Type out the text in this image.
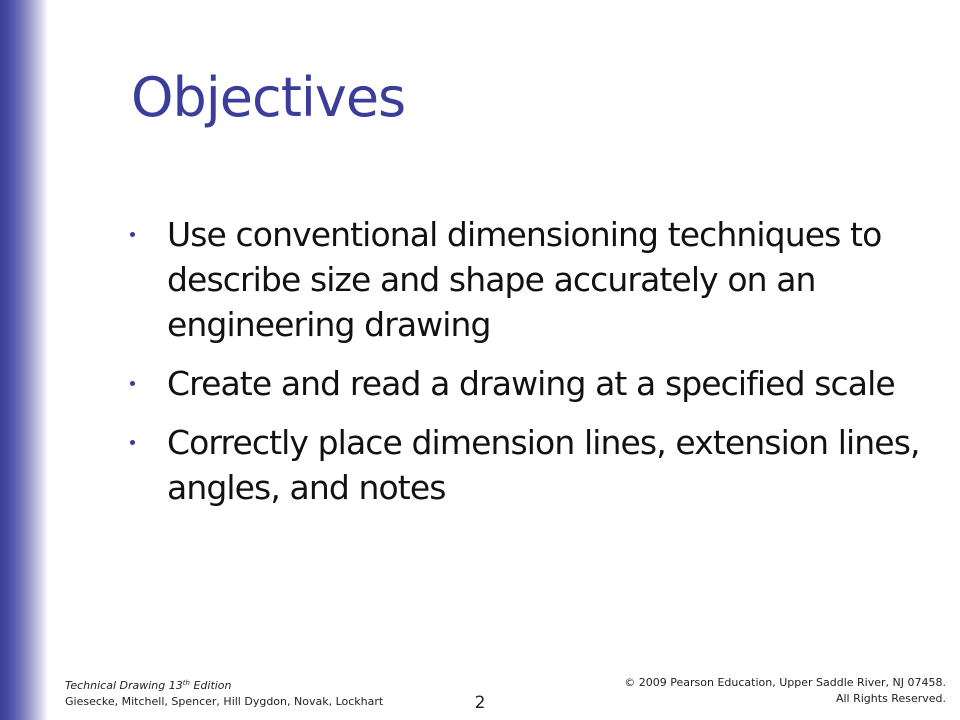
Objectives
Use conventional dimensioning techniques to describe size and shape accurately on an engineering drawing
Create and read a drawing at a specified scale
Correctly place dimension lines, extension lines, angles, and notes
Technical Drawing 13th Edition
Giesecke, Mitchell, Spencer, Hill Dygdon, Novak, Lockhart	2
© 2009 Pearson Education, Upper Saddle River, NJ 07458.
All Rights Reserved.
